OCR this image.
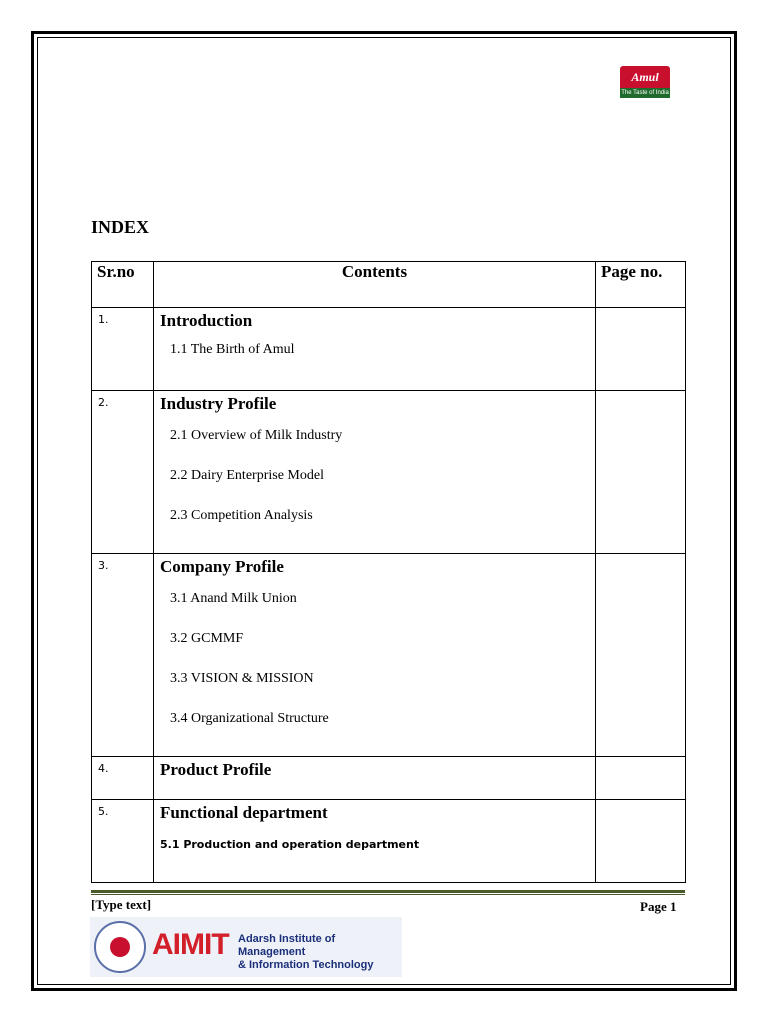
Amul
The Taste of India
INDEX
Sr.no	Contents	Page no.
1.	Introduction
1.1 The Birth of Amul	

2.	Industry Profile
2.1 Overview of Milk Industry
2.2 Dairy Enterprise Model
2.3 Competition Analysis	

3.	Company Profile
3.1 Anand Milk Union
3.2 GCMMF
3.3 VISION & MISSION
3.4 Organizational Structure	

4.	Product Profile	

5.	Functional department
5.1 Production and operation department	

[Type text]	Page 1
AIMIT Adarsh Institute of Management
& Information Technology
